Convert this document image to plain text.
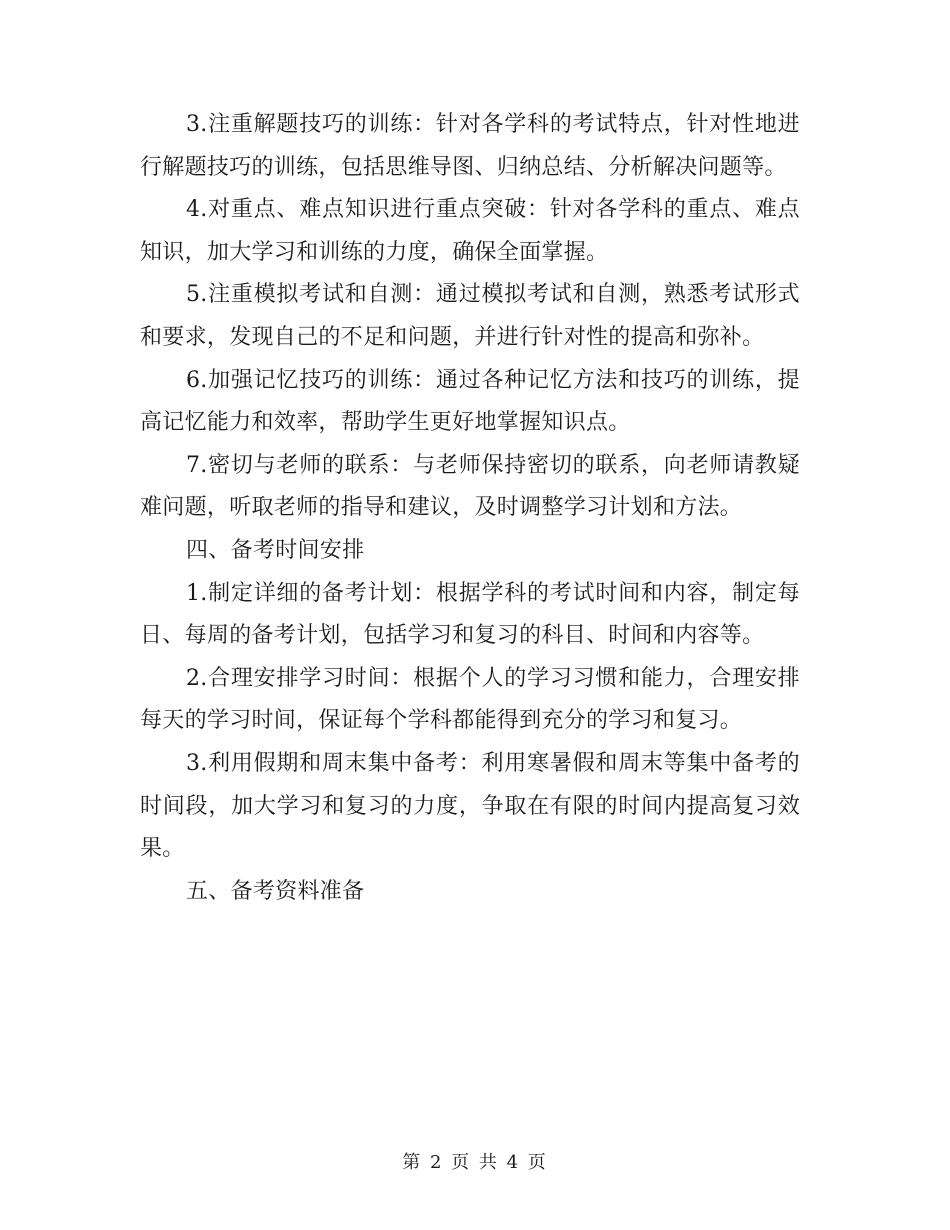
3.注重解题技巧的训练：针对各学科的考试特点，针对性地进行解题技巧的训练，包括思维导图、归纳总结、分析解决问题等。

4.对重点、难点知识进行重点突破：针对各学科的重点、难点知识，加大学习和训练的力度，确保全面掌握。

5.注重模拟考试和自测：通过模拟考试和自测，熟悉考试形式和要求，发现自己的不足和问题，并进行针对性的提高和弥补。

6.加强记忆技巧的训练：通过各种记忆方法和技巧的训练，提高记忆能力和效率，帮助学生更好地掌握知识点。

7.密切与老师的联系：与老师保持密切的联系，向老师请教疑难问题，听取老师的指导和建议，及时调整学习计划和方法。

四、备考时间安排

1.制定详细的备考计划：根据学科的考试时间和内容，制定每日、每周的备考计划，包括学习和复习的科目、时间和内容等。

2.合理安排学习时间：根据个人的学习习惯和能力，合理安排每天的学习时间，保证每个学科都能得到充分的学习和复习。

3.利用假期和周末集中备考：利用寒暑假和周末等集中备考的时间段，加大学习和复习的力度，争取在有限的时间内提高复习效果。

五、备考资料准备

第 2 页 共 4 页
